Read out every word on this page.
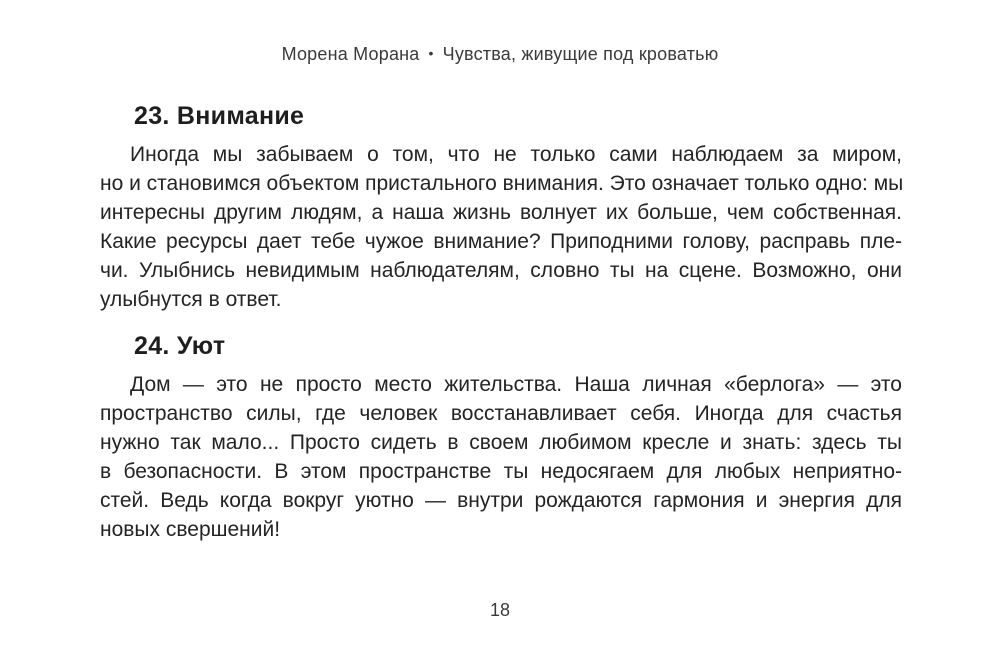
Морена Морана • Чувства, живущие под кроватью
23. Внимание
Иногда мы забываем о том, что не только сами наблюдаем за миром,
но и становимся объектом пристального внимания. Это означает только одно: мы
интересны другим людям, а наша жизнь волнует их больше, чем собственная.
Какие ресурсы дает тебе чужое внимание? Приподними голову, расправь пле-
чи. Улыбнись невидимым наблюдателям, словно ты на сцене. Возможно, они
улыбнутся в ответ.
24. Уют
Дом — это не просто место жительства. Наша личная «берлога» — это
пространство силы, где человек восстанавливает себя. Иногда для счастья
нужно так мало... Просто сидеть в своем любимом кресле и знать: здесь ты
в безопасности. В этом пространстве ты недосягаем для любых неприятно-
стей. Ведь когда вокруг уютно — внутри рождаются гармония и энергия для
новых свершений!
18
